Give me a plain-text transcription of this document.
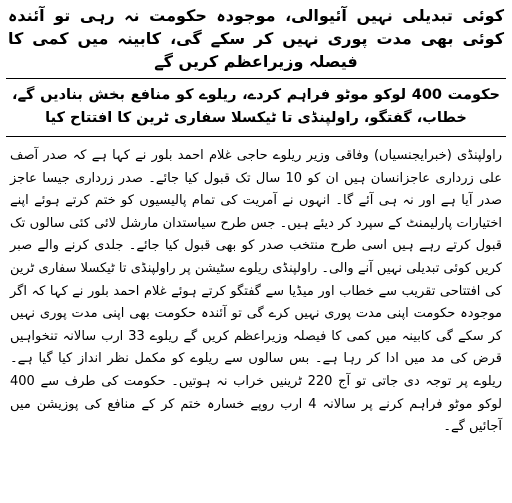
کوئی تبدیلی نہیں آئیوالی، موجودہ حکومت نہ رہی تو آئندہ کوئی بھی مدت پوری نہیں کر سکے گی، کابینہ میں کمی کا فیصلہ وزیراعظم کریں گے
حکومت 400 لوکو موٹو فراہم کردے، ریلوے کو منافع بخش بنادیں گے، خطاب، گفتگو، راولپنڈی تا ٹیکسلا سفاری ٹرین کا افتتاح کیا

راولپنڈی (خبرایجنسیاں) وفاقی وزیر ریلوے حاجی غلام احمد بلور نے کہا ہے کہ صدر آصف علی زرداری عاجزانسان ہیں ان کو 10 سال تک قبول کیا جائے۔ صدر زرداری جیسا عاجز صدر آیا ہے اور نہ ہی آئے گا۔ انہوں نے آمریت کی تمام پالیسیوں کو ختم کرتے ہوئے اپنے اختیارات پارلیمنٹ کے سپرد کر دیئے ہیں۔ جس طرح سیاستدان مارشل لائی کئی سالوں تک قبول کرتے رہے ہیں اسی طرح منتخب صدر کو بھی قبول کیا جائے۔ جلدی کرنے والے صبر کریں کوئی تبدیلی نہیں آنے والی۔ راولپنڈی ریلوے سٹیشن پر راولپنڈی تا ٹیکسلا سفاری ٹرین کی افتتاحی تقریب سے خطاب اور میڈیا سے گفتگو کرتے ہوئے غلام احمد بلور نے کہا کہ اگر موجودہ حکومت اپنی مدت پوری نہیں کرے گی تو آئندہ حکومت بھی اپنی مدت پوری نہیں کر سکے گی کابینہ میں کمی کا فیصلہ وزیراعظم کریں گے ریلوے 33 ارب سالانہ تنخواہیں قرض کی مد میں ادا کر رہا ہے۔ بس سالوں سے ریلوے کو مکمل نظر انداز کیا گیا ہے۔ ریلوے پر توجہ دی جاتی تو آج 220 ٹرینیں خراب نہ ہوتیں۔ حکومت کی طرف سے 400 لوکو موٹو فراہم کرنے پر سالانہ 4 ارب روپے خسارہ ختم کر کے منافع کی پوزیشن میں آجائیں گے۔
